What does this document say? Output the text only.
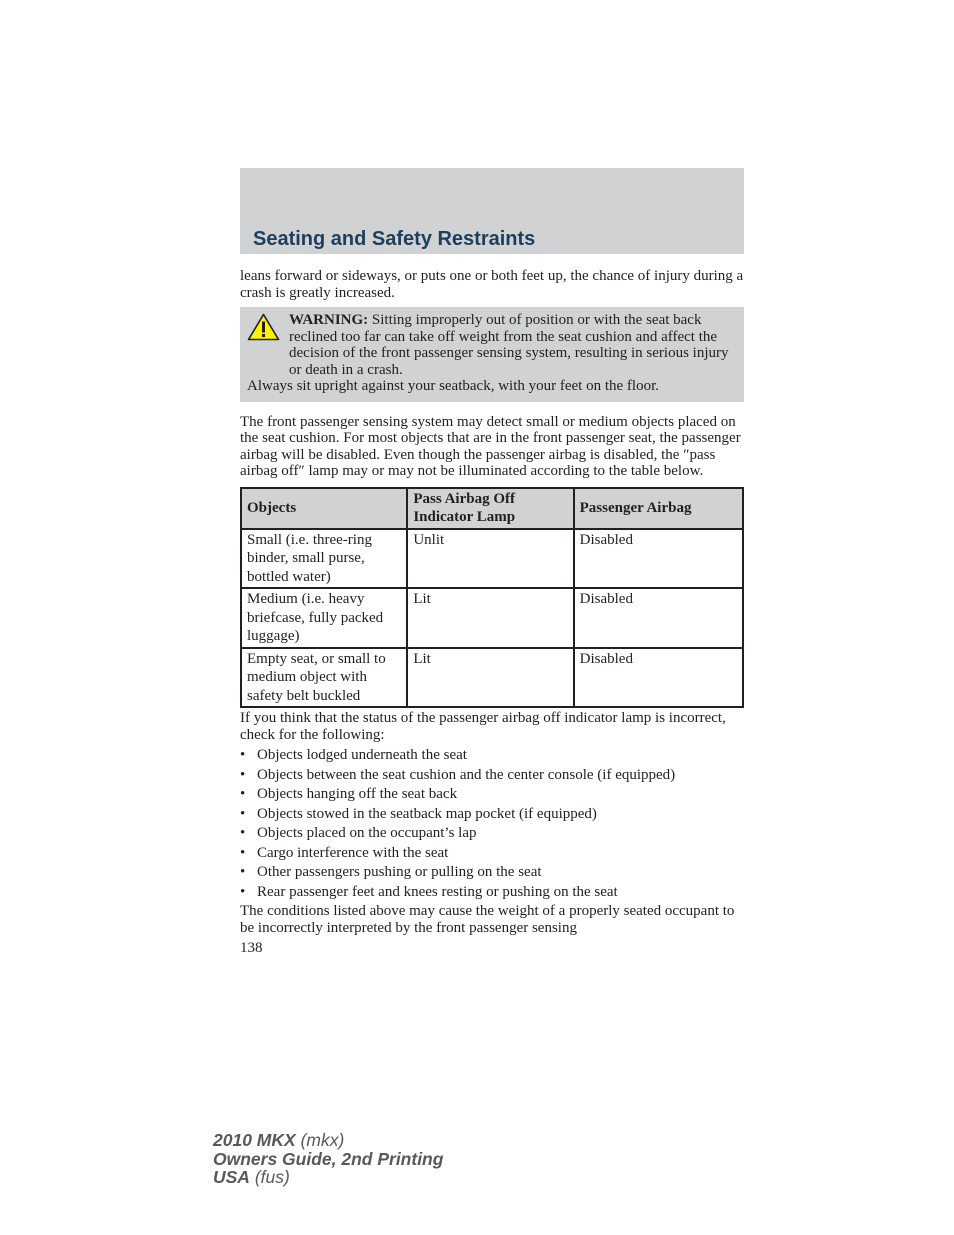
Seating and Safety Restraints

leans forward or sideways, or puts one or both feet up, the chance of injury during a crash is greatly increased.

WARNING: Sitting improperly out of position or with the seat back reclined too far can take off weight from the seat cushion and affect the decision of the front passenger sensing system, resulting in serious injury or death in a crash.

Always sit upright against your seatback, with your feet on the floor.

The front passenger sensing system may detect small or medium objects placed on the seat cushion. For most objects that are in the front passenger seat, the passenger airbag will be disabled. Even though the passenger airbag is disabled, the ″pass airbag off″ lamp may or may not be illuminated according to the table below.

Objects	Pass Airbag Off Indicator Lamp	Passenger Airbag
Small (i.e. three-ring binder, small purse, bottled water)	Unlit	Disabled
Medium (i.e. heavy briefcase, fully packed luggage)	Lit	Disabled
Empty seat, or small to medium object with safety belt buckled	Lit	Disabled

If you think that the status of the passenger airbag off indicator lamp is incorrect, check for the following:

• Objects lodged underneath the seat
• Objects between the seat cushion and the center console (if equipped)
• Objects hanging off the seat back
• Objects stowed in the seatback map pocket (if equipped)
• Objects placed on the occupant’s lap
• Cargo interference with the seat
• Other passengers pushing or pulling on the seat
• Rear passenger feet and knees resting or pushing on the seat

The conditions listed above may cause the weight of a properly seated occupant to be incorrectly interpreted by the front passenger sensing

138

2010 MKX (mkx)
Owners Guide, 2nd Printing
USA (fus)
